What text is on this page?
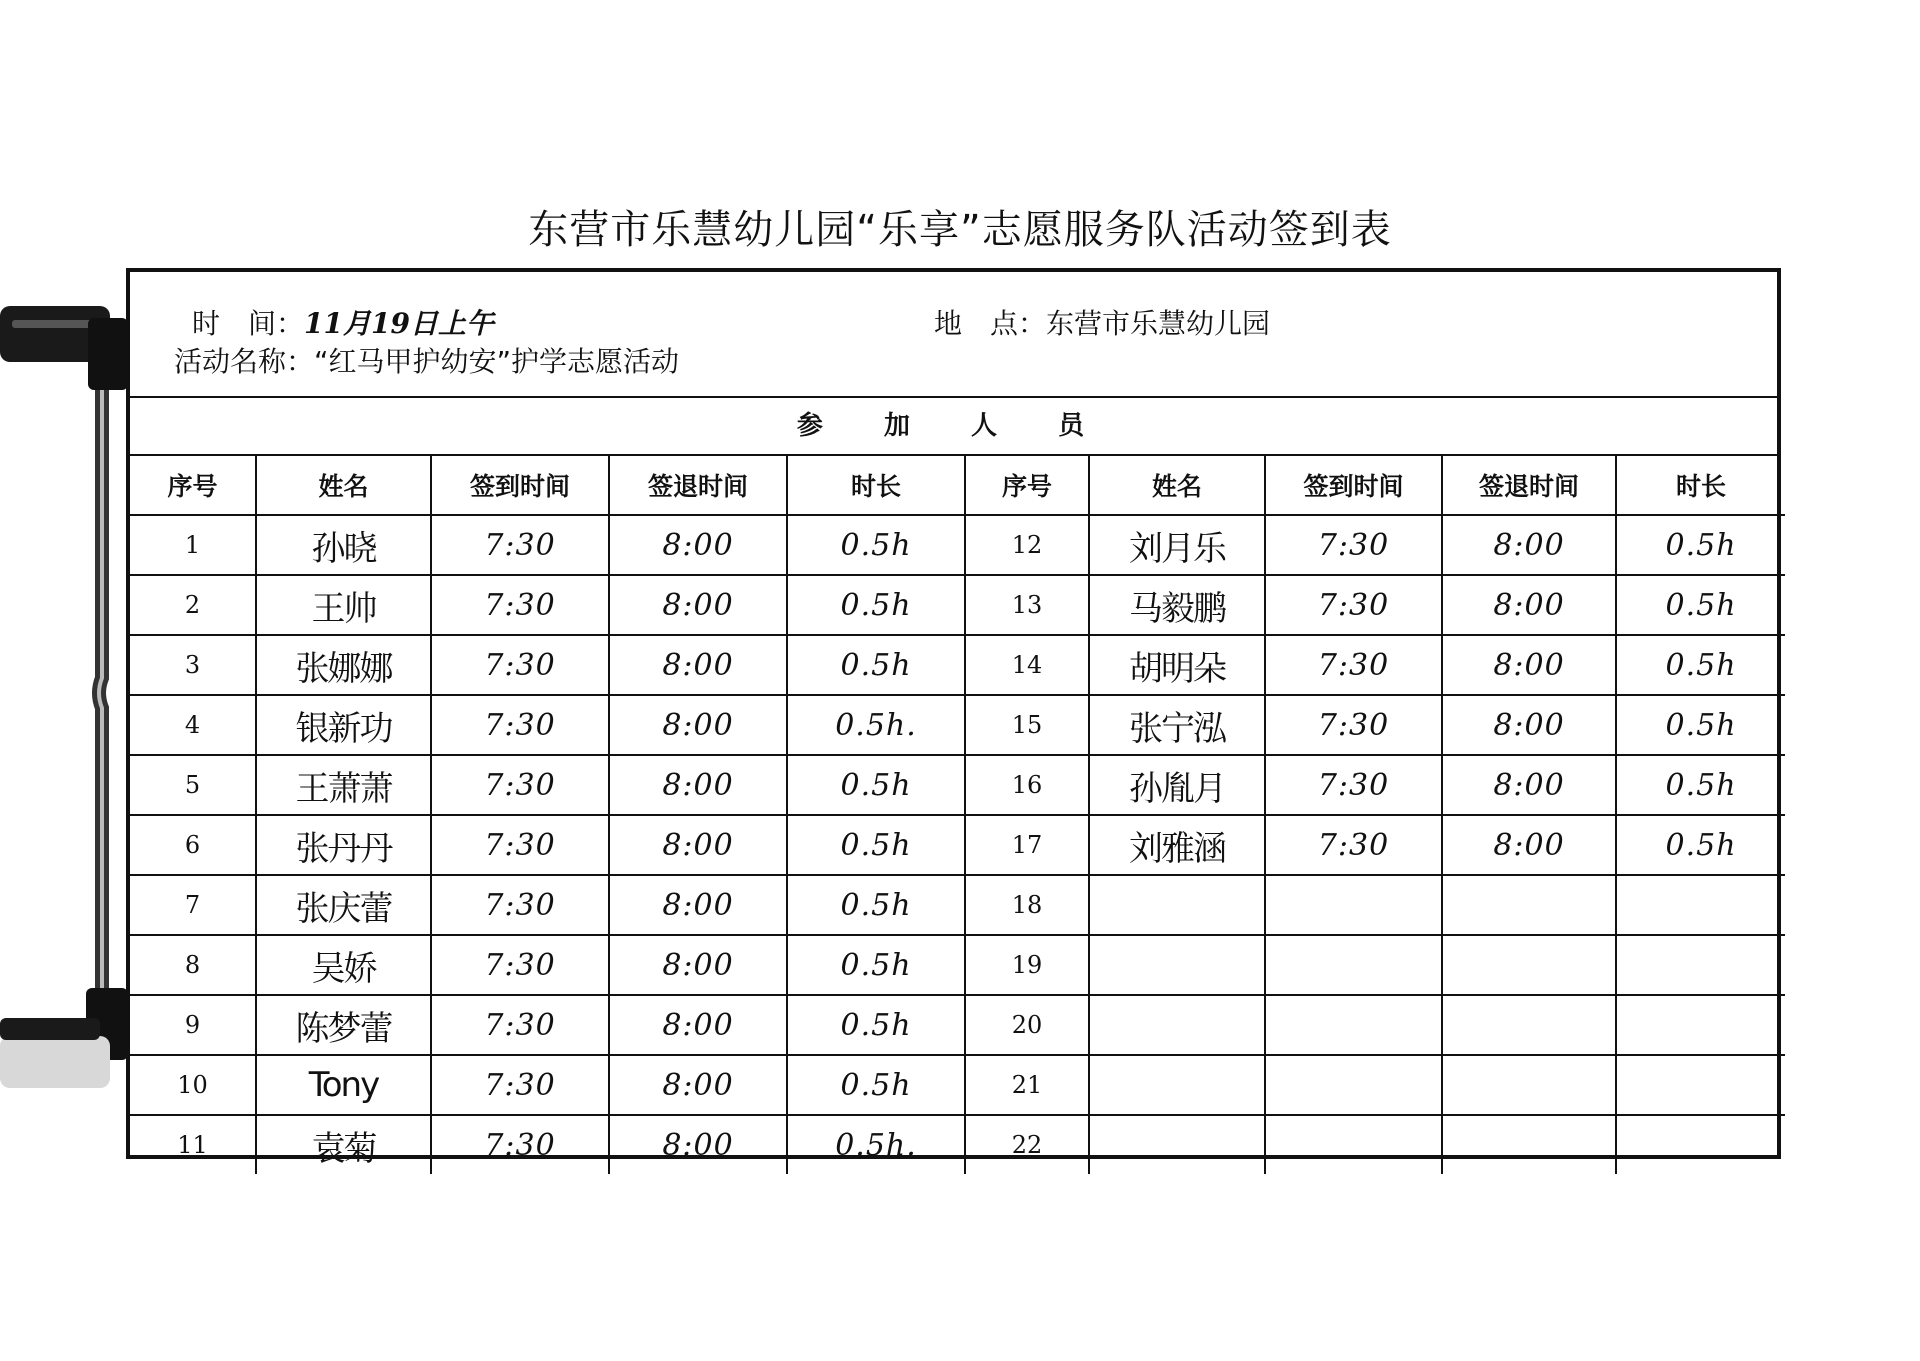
东营市乐慧幼儿园“乐享”志愿服务队活动签到表
时　间：11月19日上午	地　点：东营市乐慧幼儿园
活动名称：“红马甲护幼安”护学志愿活动
参 加 人 员
序号	姓名	签到时间	签退时间	时长	序号	姓名	签到时间	签退时间	时长
1	孙晓	7:30	8:00	0.5h	12	刘月乐	7:30	8:00	0.5h
2	王帅	7:30	8:00	0.5h	13	马毅鹏	7:30	8:00	0.5h
3	张娜娜	7:30	8:00	0.5h	14	胡明朵	7:30	8:00	0.5h
4	银新功	7:30	8:00	0.5h.	15	张宁泓	7:30	8:00	0.5h
5	王萧萧	7:30	8:00	0.5h	16	孙胤月	7:30	8:00	0.5h
6	张丹丹	7:30	8:00	0.5h	17	刘雅涵	7:30	8:00	0.5h
7	张庆蕾	7:30	8:00	0.5h	18				
8	吴娇	7:30	8:00	0.5h	19				
9	陈梦蕾	7:30	8:00	0.5h	20				
10	Tony	7:30	8:00	0.5h	21				
11	袁菊	7:30	8:00	0.5h.	22				
